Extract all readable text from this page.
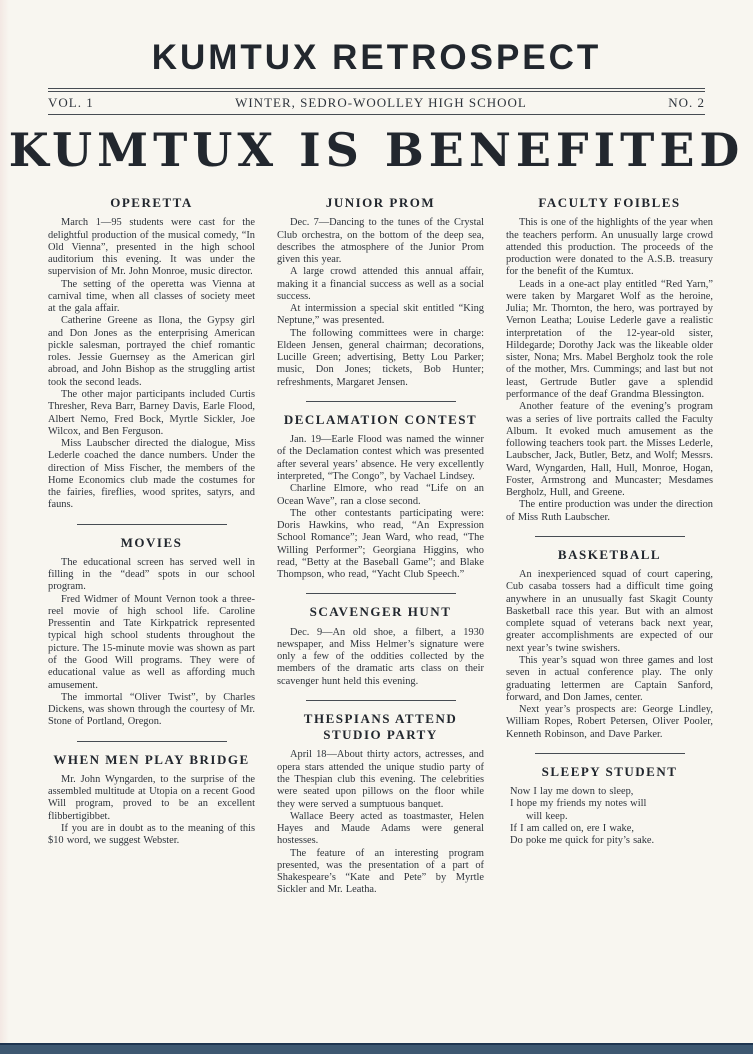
KUMTUX RETROSPECT
VOL. 1	WINTER, SEDRO-WOOLLEY HIGH SCHOOL	NO. 2
KUMTUX IS BENEFITED
OPERETTA

March 1—95 students were cast for the delightful production of the musical comedy, “In Old Vienna”, presented in the high school auditorium this evening. It was under the supervision of Mr. John Monroe, music director.

The setting of the operetta was Vienna at carnival time, when all classes of society meet at the gala affair.

Catherine Greene as Ilona, the Gypsy girl and Don Jones as the enterprising American pickle salesman, portrayed the chief romantic roles. Jessie Guernsey as the American girl abroad, and John Bishop as the struggling artist took the second leads.

The other major participants included Curtis Thresher, Reva Barr, Barney Davis, Earle Flood, Albert Nemo, Fred Bock, Myrtle Sickler, Joe Wilcox, and Ben Ferguson.

Miss Laubscher directed the dialogue, Miss Lederle coached the dance numbers. Under the direction of Miss Fischer, the members of the Home Economics club made the costumes for the fairies, fireflies, wood sprites, satyrs, and fauns.

MOVIES

The educational screen has served well in filling in the “dead” spots in our school program.

Fred Widmer of Mount Vernon took a three-reel movie of high school life. Caroline Pressentin and Tate Kirkpatrick represented typical high school students throughout the picture. The 15-minute movie was shown as part of the Good Will programs. They were of educational value as well as affording much amusement.

The immortal “Oliver Twist”, by Charles Dickens, was shown through the courtesy of Mr. Stone of Portland, Oregon.

WHEN MEN PLAY BRIDGE

Mr. John Wyngarden, to the surprise of the assembled multitude at Utopia on a recent Good Will program, proved to be an excellent flibbertigibbet.

If you are in doubt as to the meaning of this $10 word, we suggest Webster.

JUNIOR PROM

Dec. 7—Dancing to the tunes of the Crystal Club orchestra, on the bottom of the deep sea, describes the atmosphere of the Junior Prom given this year.

A large crowd attended this annual affair, making it a financial success as well as a social success.

At intermission a special skit entitled “King Neptune,” was presented.

The following committees were in charge: Eldeen Jensen, general chairman; decorations, Lucille Green; advertising, Betty Lou Parker; music, Don Jones; tickets, Bob Hunter; refreshments, Margaret Jensen.

DECLAMATION CONTEST

Jan. 19—Earle Flood was named the winner of the Declamation contest which was presented after several years’ absence. He very excellently interpreted, “The Congo”, by Vachael Lindsey.

Charline Elmore, who read “Life on an Ocean Wave”, ran a close second.

The other contestants participating were: Doris Hawkins, who read, “An Expression School Romance”; Jean Ward, who read, “The Willing Performer”; Georgiana Higgins, who read, “Betty at the Baseball Game”; and Blake Thompson, who read, “Yacht Club Speech.”

SCAVENGER HUNT

Dec. 9—An old shoe, a filbert, a 1930 newspaper, and Miss Helmer’s signature were only a few of the oddities collected by the members of the dramatic arts class on their scavenger hunt held this evening.

THESPIANS ATTEND STUDIO PARTY

April 18—About thirty actors, actresses, and opera stars attended the unique studio party of the Thespian club this evening. The celebrities were seated upon pillows on the floor while they were served a sumptuous banquet.

Wallace Beery acted as toastmaster, Helen Hayes and Maude Adams were general hostesses.

The feature of an interesting program presented, was the presentation of a part of Shakespeare’s “Kate and Pete” by Myrtle Sickler and Mr. Leatha.

FACULTY FOIBLES

This is one of the highlights of the year when the teachers perform. An unusually large crowd attended this production. The proceeds of the production were donated to the A.S.B. treasury for the benefit of the Kumtux.

Leads in a one-act play entitled “Red Yarn,” were taken by Margaret Wolf as the heroine, Julia; Mr. Thornton, the hero, was portrayed by Vernon Leatha; Louise Lederle gave a realistic interpretation of the 12-year-old sister, Hildegarde; Dorothy Jack was the likeable older sister, Nona; Mrs. Mabel Bergholz took the role of the mother, Mrs. Cummings; and last but not least, Gertrude Butler gave a splendid performance of the deaf Grandma Blessington.

Another feature of the evening’s program was a series of live portraits called the Faculty Album. It evoked much amusement as the following teachers took part. the Misses Lederle, Laubscher, Jack, Butler, Betz, and Wolf; Messrs. Ward, Wyngarden, Hall, Hull, Monroe, Hogan, Foster, Armstrong and Muncaster; Mesdames Bergholz, Hull, and Greene.

The entire production was under the direction of Miss Ruth Laubscher.

BASKETBALL

An inexperienced squad of court capering, Cub casaba tossers had a difficult time going anywhere in an unusually fast Skagit County Basketball race this year. But with an almost complete squad of veterans back next year, greater accomplishments are expected of our next year’s twine swishers.

This year’s squad won three games and lost seven in actual conference play. The only graduating lettermen are Captain Sanford, forward, and Don James, center.

Next year’s prospects are: George Lindley, William Ropes, Robert Petersen, Oliver Pooler, Kenneth Robinson, and Dave Parker.

SLEEPY STUDENT

Now I lay me down to sleep,

I hope my friends my notes will

will keep.

If I am called on, ere I wake,

Do poke me quick for pity’s sake.
